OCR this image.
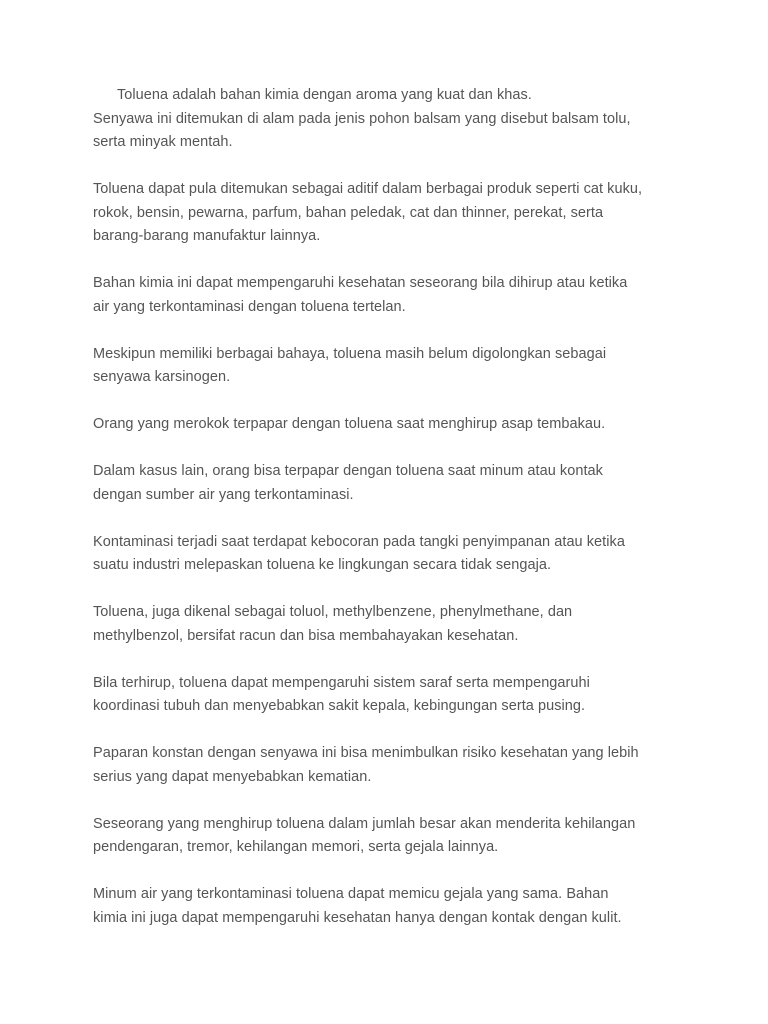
Toluena adalah bahan kimia dengan aroma yang kuat dan khas.
Senyawa ini ditemukan di alam pada jenis pohon balsam yang disebut balsam tolu,
serta minyak mentah.

Toluena dapat pula ditemukan sebagai aditif dalam berbagai produk seperti cat kuku,
rokok, bensin, pewarna, parfum, bahan peledak, cat dan thinner, perekat, serta
barang-barang manufaktur lainnya.

Bahan kimia ini dapat mempengaruhi kesehatan seseorang bila dihirup atau ketika
air yang terkontaminasi dengan toluena tertelan.

Meskipun memiliki berbagai bahaya, toluena masih belum digolongkan sebagai
senyawa karsinogen.

Orang yang merokok terpapar dengan toluena saat menghirup asap tembakau.

Dalam kasus lain, orang bisa terpapar dengan toluena saat minum atau kontak
dengan sumber air yang terkontaminasi.

Kontaminasi terjadi saat terdapat kebocoran pada tangki penyimpanan atau ketika
suatu industri melepaskan toluena ke lingkungan secara tidak sengaja.

Toluena, juga dikenal sebagai toluol, methylbenzene, phenylmethane, dan
methylbenzol, bersifat racun dan bisa membahayakan kesehatan.

Bila terhirup, toluena dapat mempengaruhi sistem saraf serta mempengaruhi
koordinasi tubuh dan menyebabkan sakit kepala, kebingungan serta pusing.

Paparan konstan dengan senyawa ini bisa menimbulkan risiko kesehatan yang lebih
serius yang dapat menyebabkan kematian.

Seseorang yang menghirup toluena dalam jumlah besar akan menderita kehilangan
pendengaran, tremor, kehilangan memori, serta gejala lainnya.

Minum air yang terkontaminasi toluena dapat memicu gejala yang sama. Bahan
kimia ini juga dapat mempengaruhi kesehatan hanya dengan kontak dengan kulit.
